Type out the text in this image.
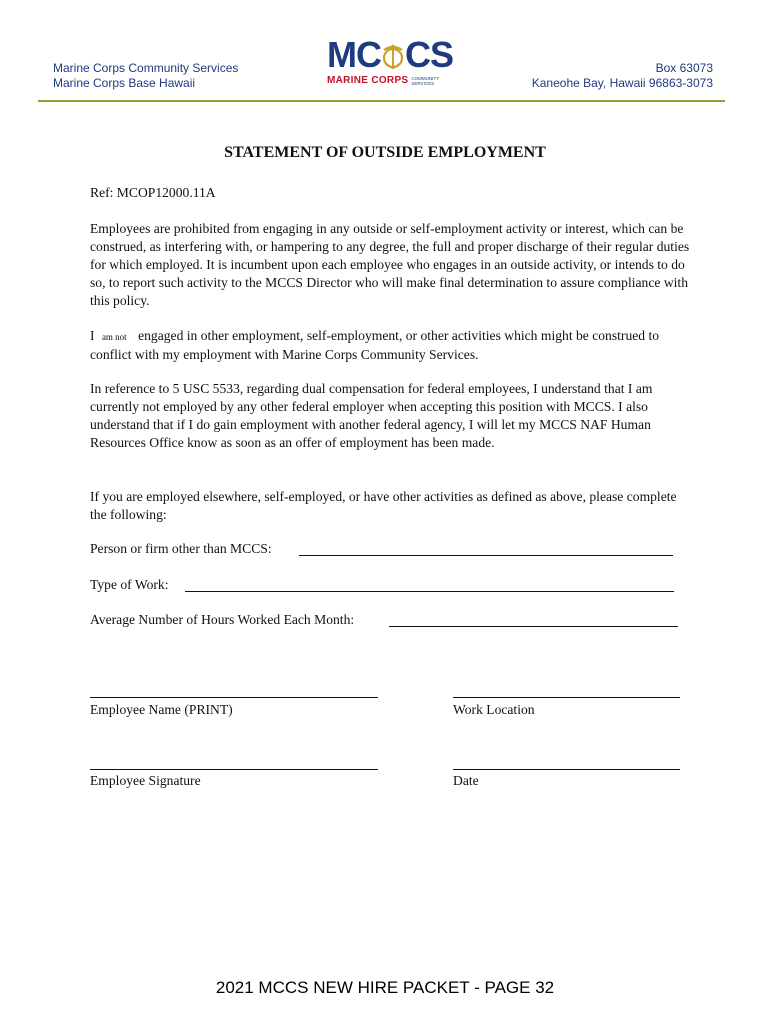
Marine Corps Community Services
Marine Corps Base Hawaii
MC CS
MARINE CORPS COMMUNITY
SERVICES
Box 63073
Kaneohe Bay, Hawaii 96863-3073
STATEMENT OF OUTSIDE EMPLOYMENT
Ref: MCOP12000.11A
Employees are prohibited from engaging in any outside or self-employment activity or interest, which can be construed, as interfering with, or hampering to any degree, the full and proper discharge of their regular duties for which employed. It is incumbent upon each employee who engages in an outside activity, or intends to do so, to report such activity to the MCCS Director who will make final determination to assure compliance with this policy.
I am not engaged in other employment, self-employment, or other activities which might be construed to conflict with my employment with Marine Corps Community Services.
In reference to 5 USC 5533, regarding dual compensation for federal employees, I understand that I am currently not employed by any other federal employer when accepting this position with MCCS. I also understand that if I do gain employment with another federal agency, I will let my MCCS NAF Human Resources Office know as soon as an offer of employment has been made.
If you are employed elsewhere, self-employed, or have other activities as defined as above, please complete the following:
Person or firm other than MCCS:
Type of Work:
Average Number of Hours Worked Each Month:
Employee Name (PRINT)	Work Location
Employee Signature	Date
2021 MCCS NEW HIRE PACKET - PAGE 32
